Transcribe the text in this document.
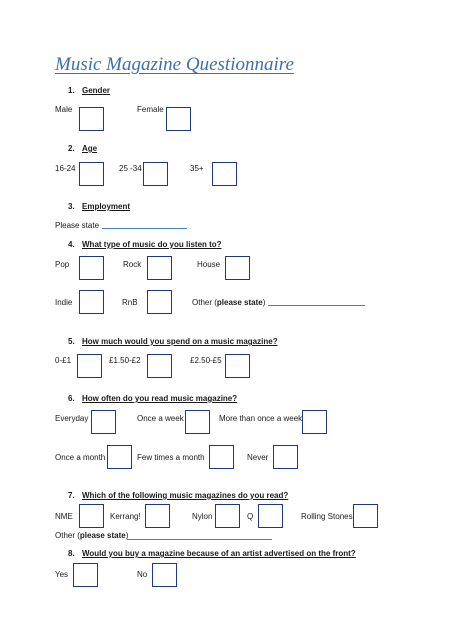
Music Magazine Questionnaire
1. Gender
Male	Female
2. Age
16-24	25 -34	35+
3. Employment
Please state
4. What type of music do you listen to?
Pop	Rock	House
Indie	RnB	Other (please state)
5. How much would you spend on a music magazine?
0-£1	£1.50-£2	£2.50-£5
6. How often do you read music magazine?
Everyday	Once a week	More than once a week
Once a month	Few times a month	Never
7. Which of the following music magazines do you read?
NME	Kerrang!	Nylon	Q	Rolling Stones
Other (please state)
8. Would you buy a magazine because of an artist advertised on the front?
Yes	No
